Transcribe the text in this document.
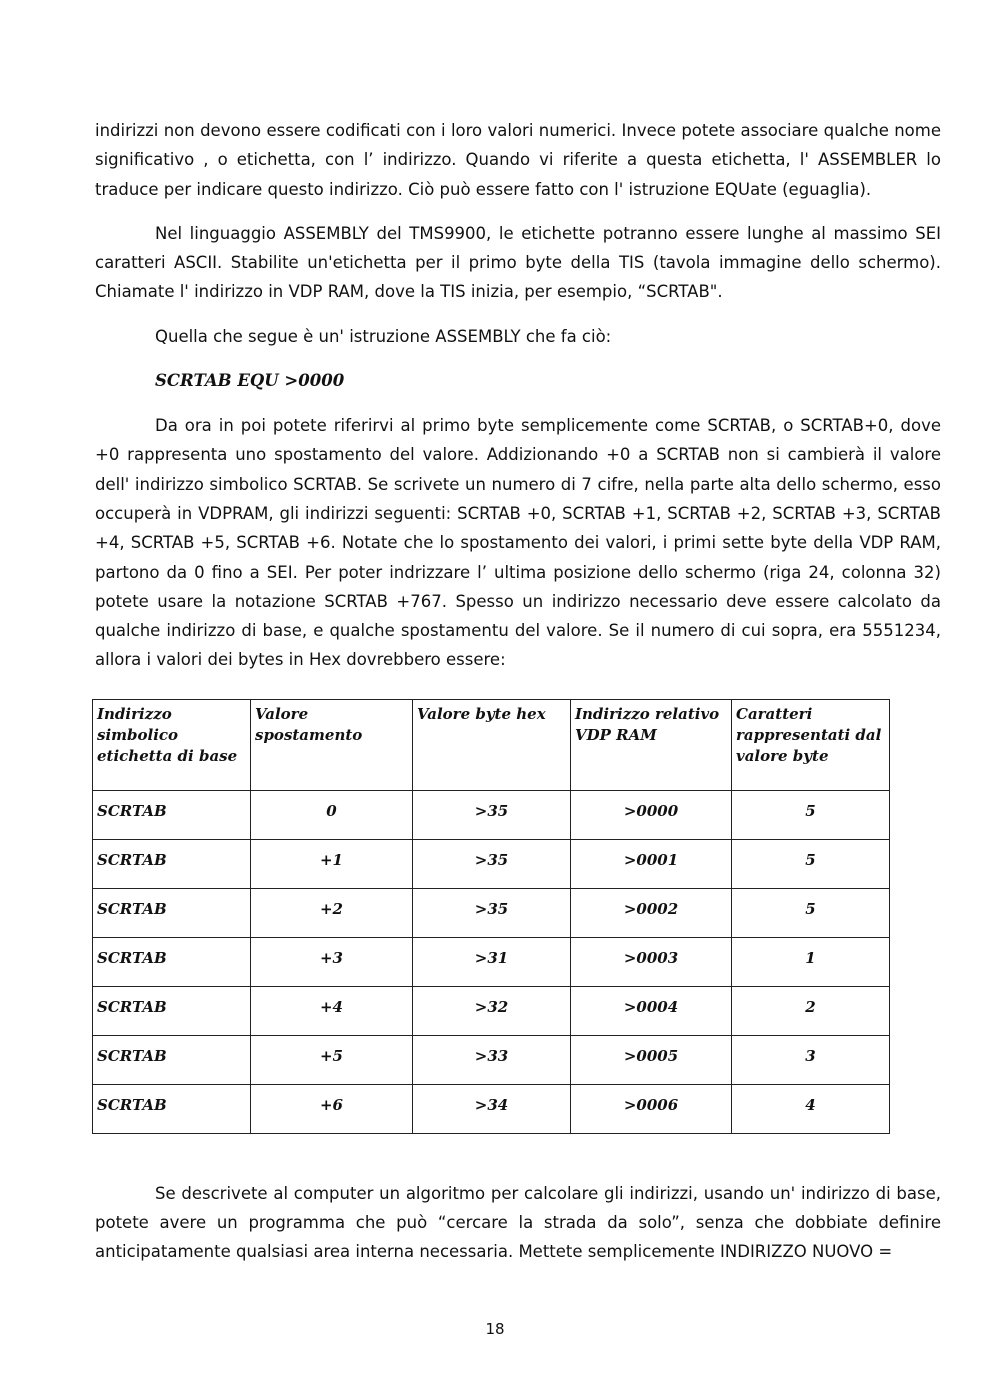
indirizzi non devono essere codificati con i loro valori numerici. Invece potete associare qualche nome significativo , o etichetta, con l’ indirizzo. Quando vi riferite a questa etichetta, l' ASSEMBLER lo traduce per indicare questo indirizzo. Ciò può essere fatto con l' istruzione EQUate (eguaglia).

Nel linguaggio ASSEMBLY del TMS9900, le etichette potranno essere lunghe al massimo SEI caratteri ASCII. Stabilite un'etichetta per il primo byte della TIS (tavola immagine dello schermo). Chiamate l' indirizzo in VDP RAM, dove la TIS inizia, per esempio, “SCRTAB".

Quella che segue è un' istruzione ASSEMBLY che fa ciò:

SCRTAB EQU >0000

Da ora in poi potete riferirvi al primo byte semplicemente come SCRTAB, o SCRTAB+0, dove +0 rappresenta uno spostamento del valore. Addizionando +0 a SCRTAB non si cambierà il valore dell' indirizzo simbolico SCRTAB. Se scrivete un numero di 7 cifre, nella parte alta dello schermo, esso occuperà in VDPRAM, gli indirizzi seguenti: SCRTAB +0, SCRTAB +1, SCRTAB +2, SCRTAB +3, SCRTAB +4, SCRTAB +5, SCRTAB +6. Notate che lo spostamento dei valori, i primi sette byte della VDP RAM, partono da 0 fino a SEI. Per poter indrizzare l’ ultima posizione dello schermo (riga 24, colonna 32) potete usare la notazione SCRTAB +767. Spesso un indirizzo necessario deve essere calcolato da qualche indirizzo di base, e qualche spostamentu del valore. Se il numero di cui sopra, era 5551234, allora i valori dei bytes in Hex dovrebbero essere:

Indirizzo simbolico etichetta di base	Valore spostamento	Valore byte hex	Indirizzo relativo VDP RAM	Caratteri rappresentati dal valore byte
SCRTAB	0	>35	>0000	5
SCRTAB	+1	>35	>0001	5
SCRTAB	+2	>35	>0002	5
SCRTAB	+3	>31	>0003	1
SCRTAB	+4	>32	>0004	2
SCRTAB	+5	>33	>0005	3
SCRTAB	+6	>34	>0006	4

Se descrivete al computer un algoritmo per calcolare gli indirizzi, usando un' indirizzo di base, potete avere un programma che può “cercare la strada da solo”, senza che dobbiate definire anticipatamente qualsiasi area interna necessaria. Mettete semplicemente INDIRIZZO NUOVO =

18
